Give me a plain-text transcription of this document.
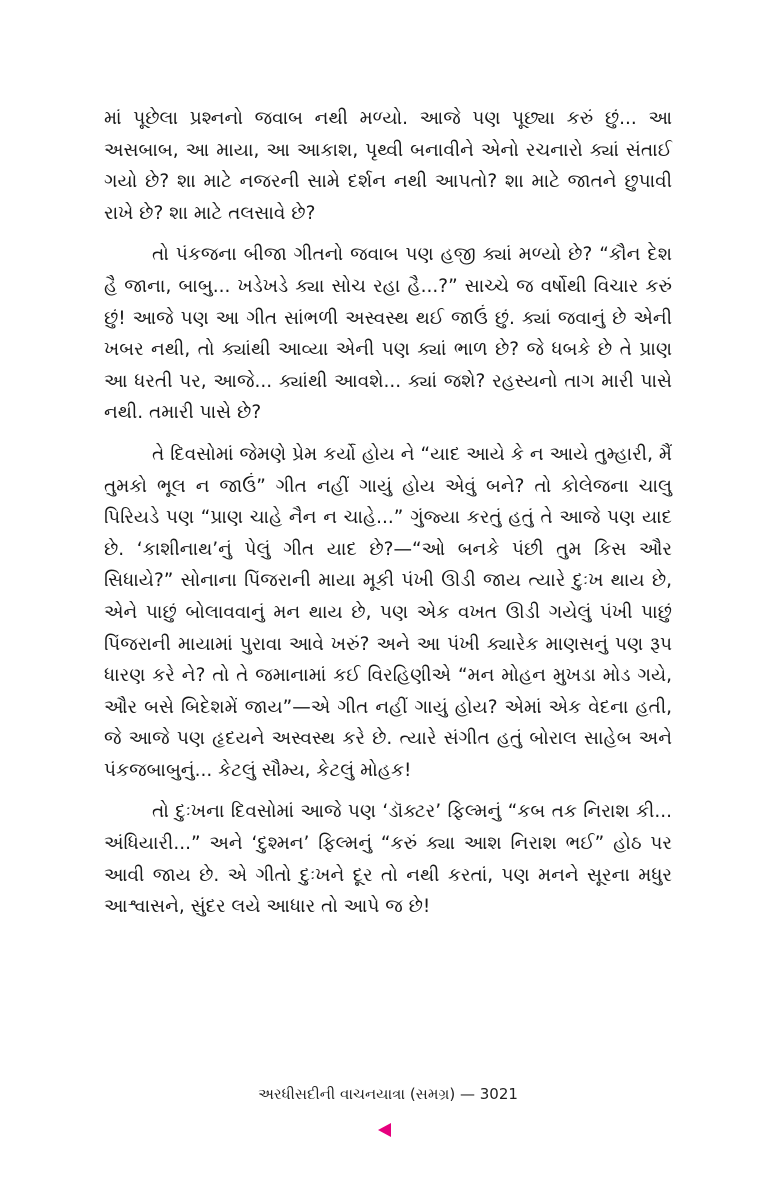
માં પૂછેલા પ્રશ્નનો જવાબ નથી મળ્યો. આજે પણ પૂછ્યા કરું છું... આ અસબાબ, આ માયા, આ આકાશ, પૃથ્વી બનાવીને એનો રચનારો ક્યાં સંતાઈ ગયો છે? શા માટે નજરની સામે દર્શન નથી આપતો? શા માટે જાતને છુપાવી રાખે છે? શા માટે તલસાવે છે?

તો પંકજના બીજા ગીતનો જવાબ પણ હજી ક્યાં મળ્યો છે? “કૌન દેશ હૈ જાના, બાબુ... ખડેખડે ક્યા સોચ રહા હૈ...?” સાચ્ચે જ વર્ષોથી વિચાર કરું છું! આજે પણ આ ગીત સાંભળી અસ્વસ્થ થઈ જાઉં છું. ક્યાં જવાનું છે એની ખબર નથી, તો ક્યાંથી આવ્યા એની પણ ક્યાં ભાળ છે? જે ધબકે છે તે પ્રાણ આ ધરતી પર, આજે... ક્યાંથી આવશે... ક્યાં જશે? રહસ્યનો તાગ મારી પાસે નથી. તમારી પાસે છે?

તે દિવસોમાં જેમણે પ્રેમ કર્યો હોય ને “યાદ આયે કે ન આયે તુમ્હારી, મૈં તુમકો ભૂલ ન જાઉં” ગીત નહીં ગાયું હોય એવું બને? તો કોલેજના ચાલુ પિરિયડે પણ “પ્રાણ ચાહે નૈન ન ચાહે...” ગુંજ્યા કરતું હતું તે આજે પણ યાદ છે. ‘કાશીનાથ’નું પેલું ગીત યાદ છે?—“ઓ બનકે પંછી તુમ કિસ ઔર સિધાયે?” સોનાના પિંજરાની માયા મૂકી પંખી ઊડી જાય ત્યારે દુઃખ થાય છે, એને પાછું બોલાવવાનું મન થાય છે, પણ એક વખત ઊડી ગયેલું પંખી પાછું પિંજરાની માયામાં પુરાવા આવે ખરું? અને આ પંખી ક્યારેક માણસનું પણ રૂપ ધારણ કરે ને? તો તે જમાનામાં કઈ વિરહિણીએ “મન મોહન મુખડા મોડ ગયે, ઔર બસે બિદેશમેં જાય”—એ ગીત નહીં ગાયું હોય? એમાં એક વેદના હતી, જે આજે પણ હૃદયને અસ્વસ્થ કરે છે. ત્યારે સંગીત હતું બોરાલ સાહેબ અને પંકજબાબુનું... કેટલું સૌમ્ય, કેટલું મોહક!

તો દુઃખના દિવસોમાં આજે પણ ‘ડૉક્ટર’ ફિલ્મનું “કબ તક નિરાશ કી... અંધિયારી...” અને ‘દુશ્મન’ ફિલ્મનું “કરું ક્યા આશ નિરાશ ભઈ” હોઠ પર આવી જાય છે. એ ગીતો દુઃખને દૂર તો નથી કરતાં, પણ મનને સૂરના મધુર આશ્વાસને, સુંદર લયે આધાર તો આપે જ છે!

અરધીસદીની વાચનયાત્રા (સમગ્ર) — 3021
